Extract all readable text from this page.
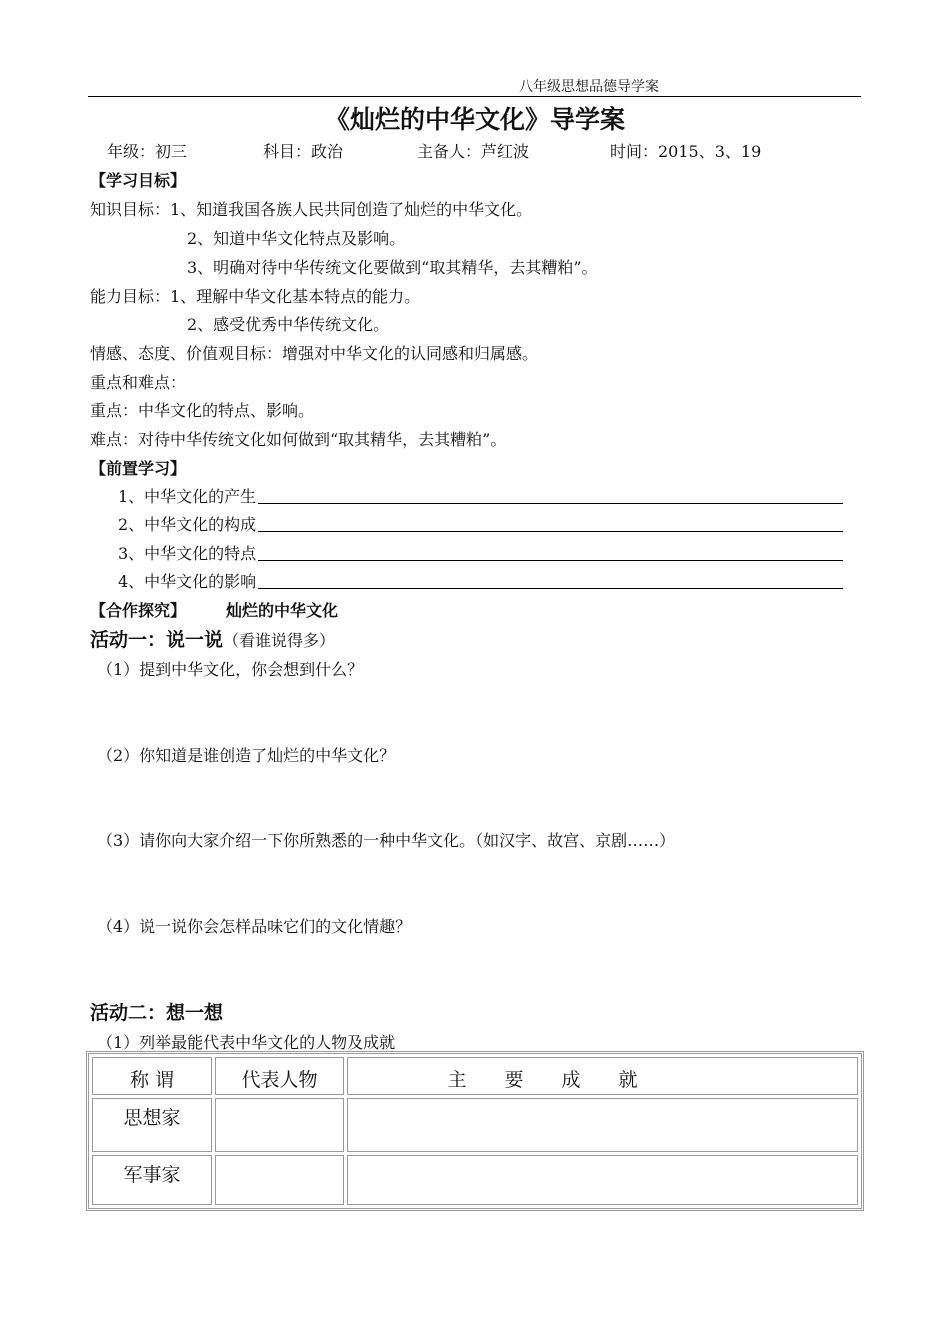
八年级思想品德导学案
《灿烂的中华文化》导学案
年级：初三	科目：政治	主备人：芦红波	时间：2015、3、19
【学习目标】
知识目标：1、知道我国各族人民共同创造了灿烂的中华文化。
2、知道中华文化特点及影响。
3、明确对待中华传统文化要做到“取其精华，去其糟粕”。
能力目标：1、理解中华文化基本特点的能力。
2、感受优秀中华传统文化。
情感、态度、价值观目标：增强对中华文化的认同感和归属感。
重点和难点：
重点：中华文化的特点、影响。
难点：对待中华传统文化如何做到“取其精华，去其糟粕”。
【前置学习】
1、中华文化的产生
2、中华文化的构成
3、中华文化的特点
4、中华文化的影响
【合作探究】 灿烂的中华文化
活动一：说一说（看谁说得多）
（1）提到中华文化，你会想到什么？
（2）你知道是谁创造了灿烂的中华文化？
（3）请你向大家介绍一下你所熟悉的一种中华文化。（如汉字、故宫、京剧……）
（4）说一说你会怎样品味它们的文化情趣？
活动二：想一想
（1）列举最能代表中华文化的人物及成就
称 谓	代表人物	主　　要　　成　　就
思想家
军事家
